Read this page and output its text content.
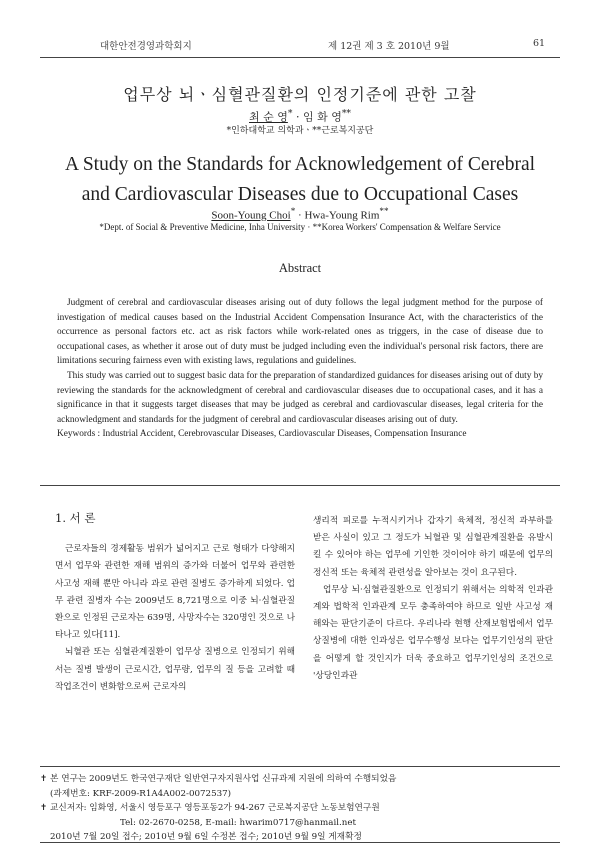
대한안전경영과학회지	제 12권 제 3 호 2010년 9월	61
업무상 뇌ㆍ심혈관질환의 인정기준에 관한 고찰
최 순 영* · 임 화 영**
*인하대학교 의학과ㆍ**근로복지공단
A Study on the Standards for Acknowledgement of Cerebral
and Cardiovascular Diseases due to Occupational Cases
Soon-Young Choi* · Hwa-Young Rim**
*Dept. of Social & Preventive Medicine, Inha University · **Korea Workers' Compensation & Welfare Service
Abstract

Judgment of cerebral and cardiovascular diseases arising out of duty follows the legal judgment method for the purpose of investigation of medical causes based on the Industrial Accident Compensation Insurance Act, with the characteristics of the occurrence as personal factors etc. act as risk factors while work-related ones as triggers, in the case of disease due to occupational cases, as whether it arose out of duty must be judged including even the individual's personal risk factors, there are limitations securing fairness even with existing laws, regulations and guidelines.

This study was carried out to suggest basic data for the preparation of standardized guidances for diseases arising out of duty by reviewing the standards for the acknowledgment of cerebral and cardiovascular diseases due to occupational cases, and it has a significance in that it suggests target diseases that may be judged as cerebral and cardiovascular diseases, legal criteria for the acknowledgment and standards for the judgment of cerebral and cardiovascular diseases arising out of duty.

Keywords : Industrial Accident, Cerebrovascular Diseases, Cardiovascular Diseases, Compensation Insurance

1. 서 론

근로자들의 경제활동 범위가 넓어지고 근로 형태가 다양해지면서 업무와 관련한 재해 범위의 증가와 더불어 업무와 관련한 사고성 재해 뿐만 아니라 과로 관련 질병도 증가하게 되었다. 업무 관련 질병자 수는 2009년도 8,721명으로 이중 뇌·심혈관질환으로 인정된 근로자는 639명, 사망자수는 320명인 것으로 나타나고 있다[11].

뇌혈관 또는 심혈관계질환이 업무상 질병으로 인정되기 위해서는 질병 발생이 근로시간, 업무량, 업무의 질 등을 고려할 때 작업조건이 변화함으로써 근로자의

생리적 피로를 누적시키거나 갑자기 육체적, 정신적 과부하를 받은 사실이 있고 그 정도가 뇌혈관 및 심혈관계질환을 유발시킬 수 있어야 하는 업무에 기인한 것이어야 하기 때문에 업무의 정신적 또는 육체적 관련성을 알아보는 것이 요구된다.

업무상 뇌·심혈관질환으로 인정되기 위해서는 의학적 인과관계와 법학적 인과관계 모두 충족하여야 하므로 일반 사고성 재해와는 판단기준이 다르다. 우리나라 현행 산재보험법에서 업무상질병에 대한 인과성은 업무수행성 보다는 업무기인성의 판단을 어떻게 할 것인지가 더욱 중요하고 업무기인성의 조건으로 '상당인과관

✝ 본 연구는 2009년도 한국연구재단 일반연구자지원사업 신규과제 지원에 의하여 수행되었음
(과제번호: KRF-2009-R1A4A002-0072537)
✝ 교신저자: 임화영, 서울시 영등포구 영등포동2가 94-267 근로복지공단 노동보험연구원
Tel: 02-2670-0258, E-mail: hwarim0717@hanmail.net
2010년 7월 20일 접수; 2010년 9월 6일 수정본 접수; 2010년 9월 9일 게재확정
